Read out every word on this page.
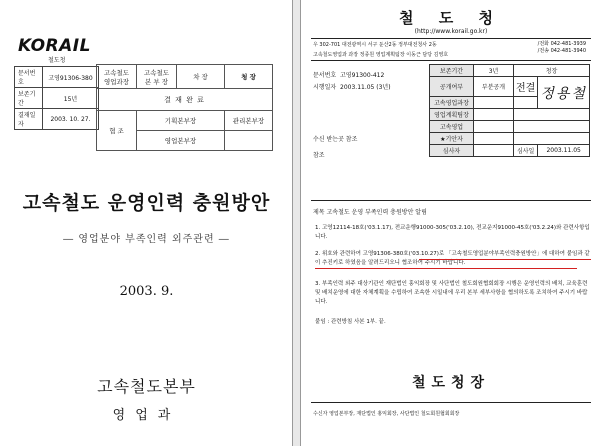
KORAIL
철도청
문서번호	고영91306-380
보존기간	15년
결재일자	2003. 10. 27.
고속철도 영업과장	고속철도 본 부 장	차 장	청 장
결 재 완 료			
협 조	기획본부장		관리본부장
	영업본부장		
고속철도 운영인력 충원방안
― 영업분야 부족인력 외주관련 ―
2003. 9.
고속철도본부
영업과
철 도 청
(http://www.korail.go.kr)
우 302-701 대전광역시 서구 둔산2동 정부대전청사 2동	/전화 042-481-3939
/전송 042-481-3940
고속철도영업과 과장 정종원 영업계획팀장 이동근 담당 김영호
문서번호 고영91300-412
시행일자 2003.11.05 (3년)
수신 받는곳 참조
참조
보존기간	3년	청장	
공개여부	부분공개	전결	정용철
고속영업과장			
영업계획팀장			
고속영업			
★기안자			
심사자		심사일	2003.11.05
제목 고속철도 운영 부족인력 충원방안 알림
1. 고영12114-18호('03.1.17), 전교운행91000-305('03.2.10), 전교운지91000-45호('03.2.24)와 관련사항입니다.
2. 위호와 관련하여 고영91306-380호('03.10.27)로 「고속철도영업분야부족인력충원방안」에 대하여 붙임과 같이 추진키로 하였음을 알려드리오니 협조하여 주시기 바랍니다.
3. 부족인력 외주 대상기관인 재단법인 홍익회장 및 사단법인 철도회원협회회장 시행은 운영인력의 배치, 교육훈련 및 배치운영에 대한 자체계획을 수립하여 조속한 시일내에 우리 본부 세부사항을 협의하도록 조치하여 주시기 바랍니다.
붙임 : 관련방침 사본 1부. 끝.
철도청장
수신자 영업본부장, 재단법인 홍익회장, 사단법인 철도회원협회회장
